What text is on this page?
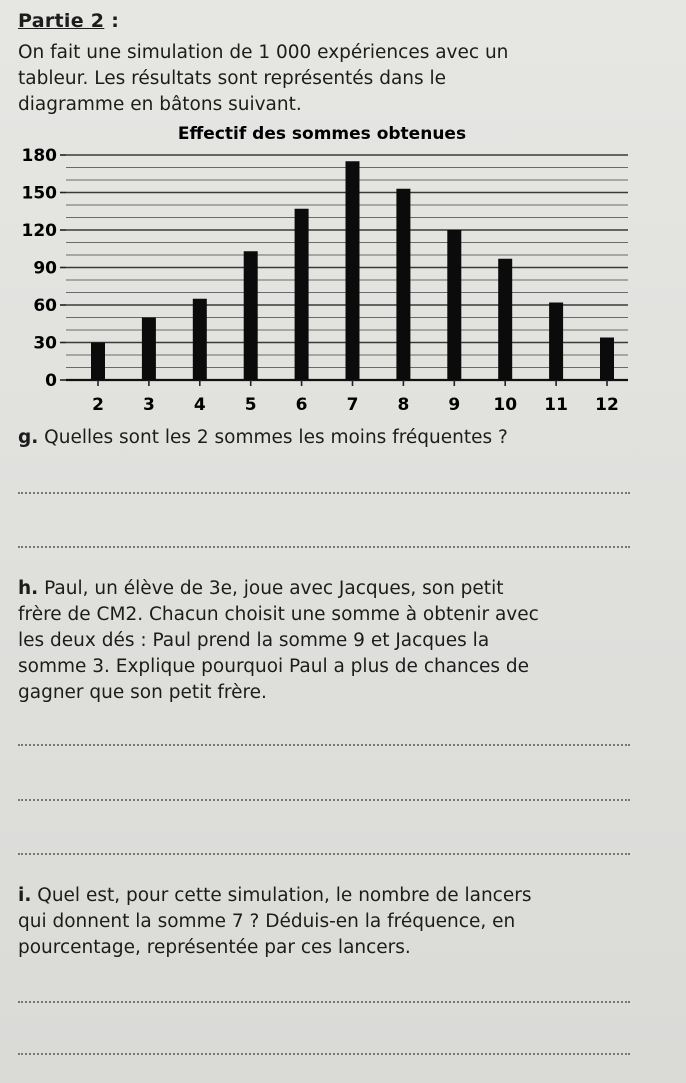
Partie 2 :
On fait une simulation de 1 000 expériences avec un
tableur. Les résultats sont représentés dans le
diagramme en bâtons suivant.
Effectif des sommes obtenues
0
30
60
90
120
150
180
2 3 4 5 6 7 8 9 10 11 12
g. Quelles sont les 2 sommes les moins fréquentes ?
h. Paul, un élève de 3e, joue avec Jacques, son petit
frère de CM2. Chacun choisit une somme à obtenir avec
les deux dés : Paul prend la somme 9 et Jacques la
somme 3. Explique pourquoi Paul a plus de chances de
gagner que son petit frère.
i. Quel est, pour cette simulation, le nombre de lancers
qui donnent la somme 7 ? Déduis-en la fréquence, en
pourcentage, représentée par ces lancers.
